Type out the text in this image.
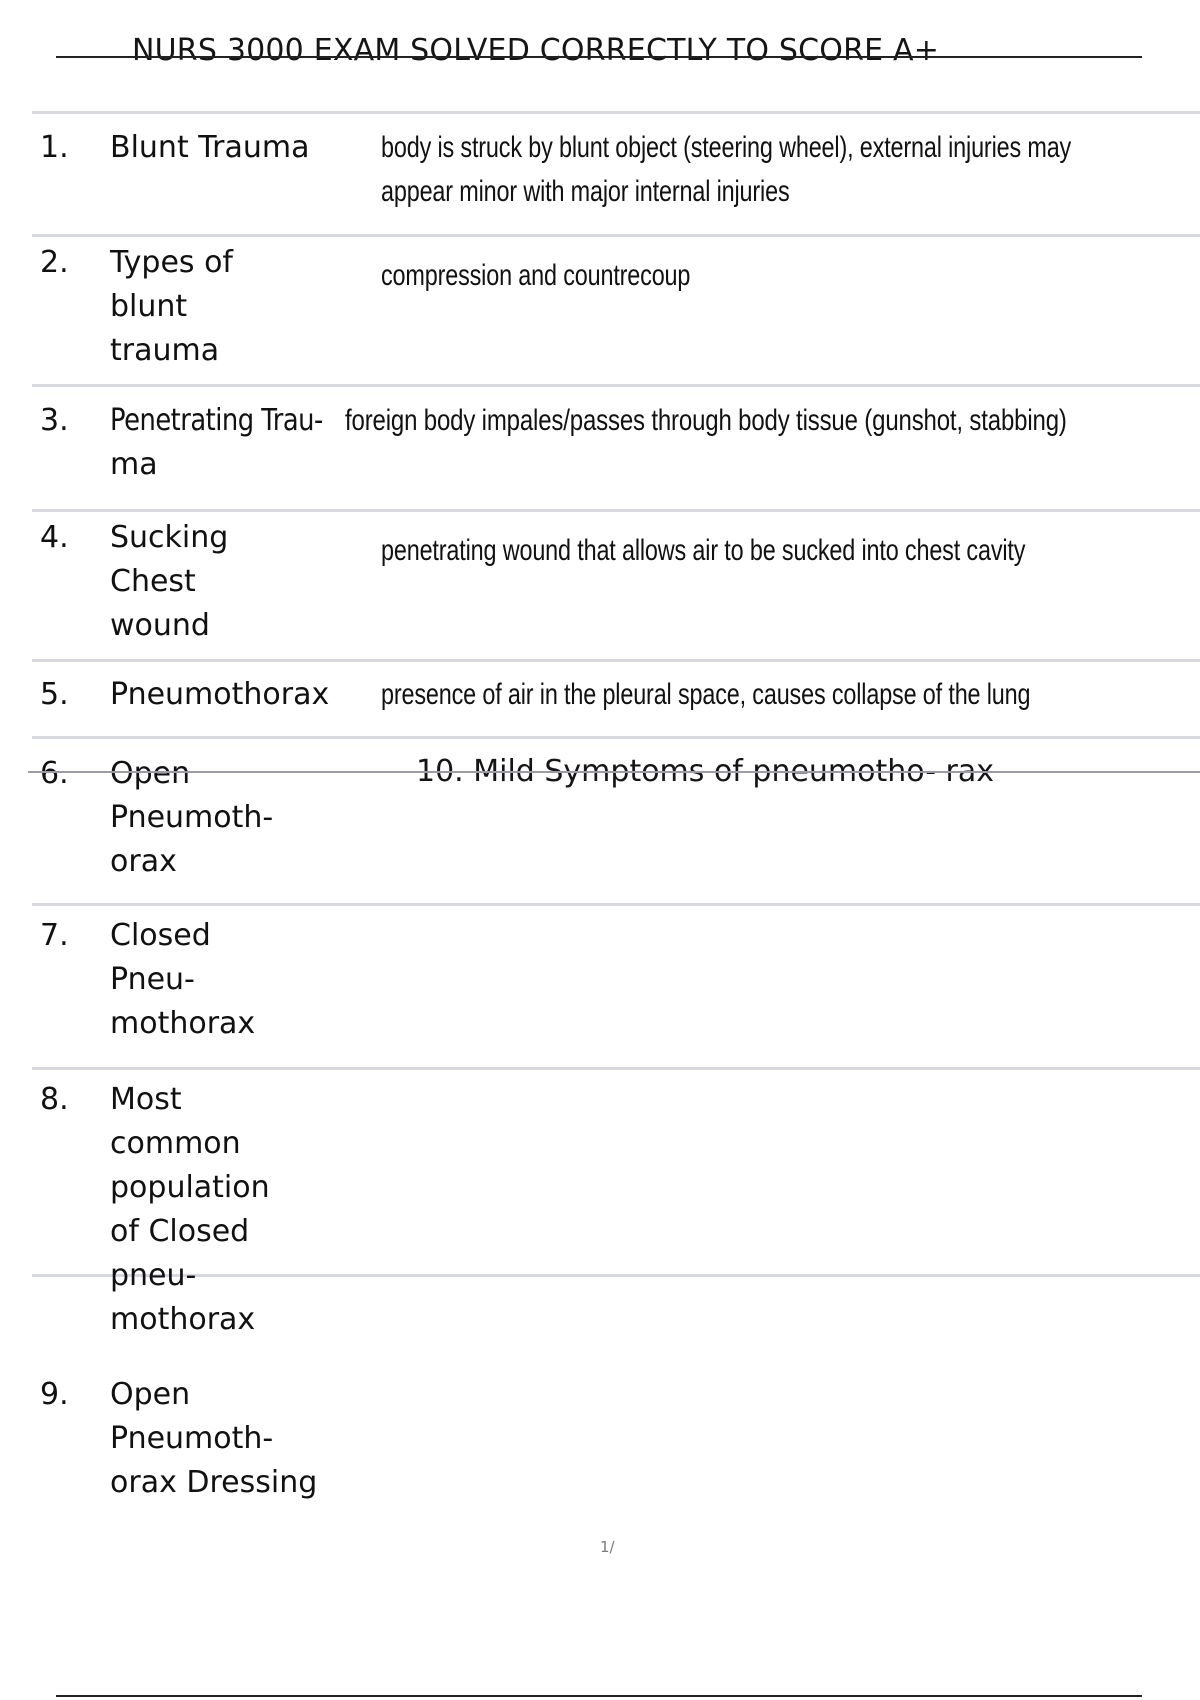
NURS 3000 EXAM SOLVED CORRECTLY TO SCORE A+
1. Blunt Trauma	body is struck by blunt object (steering wheel), external injuries may
appear minor with major internal injuries
2. Types of
blunt
trauma
compression and countrecoup
3. Penetrating Trau-
ma
foreign body impales/passes through body tissue (gunshot, stabbing)
4. Sucking
Chest
wound
penetrating wound that allows air to be sucked into chest cavity
5. Pneumothorax	presence of air in the pleural space, causes collapse of the lung
6. Open
Pneumoth-
orax
10. Mild Symptoms of pneumotho- rax
7. Closed
Pneu-
mothorax
8. Most
common
population
of Closed
pneu-
mothorax
9. Open
Pneumoth-
orax Dressing
1/
